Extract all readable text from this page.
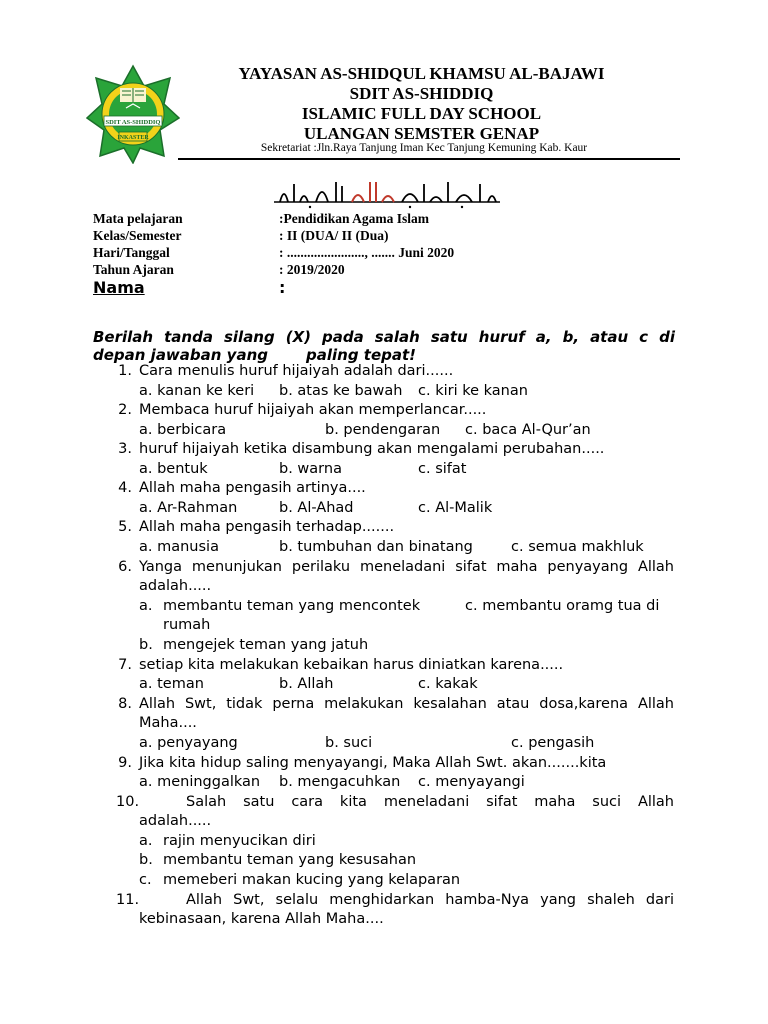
SDIT AS-SHIDDIQ
INKASTER
YAYASAN AS-SHIDQUL KHAMSU AL-BAJAWI
SDIT AS-SHIDDIQ
ISLAMIC FULL DAY SCHOOL
ULANGAN SEMSTER GENAP
Sekretariat :Jln.Raya Tanjung Iman Kec Tanjung Kemuning Kab. Kaur
Mata pelajaran	:Pendidikan Agama Islam
Kelas/Semester	: II (DUA/ II (Dua)
Hari/Tanggal	: ......................., ....... Juni 2020
Tahun Ajaran	: 2019/2020
Nama	:
Berilah tanda silang (X) pada salah satu huruf a, b, atau c di
depan jawaban yang	paling tepat!
1. Cara menulis huruf hijaiyah adalah dari......
a. kanan ke keri b. atas ke bawah c. kiri ke kanan
2. Membaca huruf hijaiyah akan memperlancar.....
a. berbicara	b. pendengaran c. baca Al-Qur’an
3. huruf hijaiyah ketika disambung akan mengalami perubahan.....
a. bentuk	b. warna	c. sifat
4. Allah maha pengasih artinya....
a. Ar-Rahman	b. Al-Ahad	c. Al-Malik
5. Allah maha pengasih terhadap.......
a. manusia	b. tumbuhan dan binatang	c. semua makhluk
6. Yanga menunjukan perilaku meneladani sifat maha penyayang Allah
adalah.....
a. membantu teman yang mencontek	c. membantu oramg tua di
rumah
b. mengejek teman yang jatuh
7. setiap kita melakukan kebaikan harus diniatkan karena.....
a. teman	b. Allah	c. kakak
8. Allah Swt, tidak perna melakukan kesalahan atau dosa,karena Allah
Maha....
a. penyayang	b. suci	c. pengasih
9. Jika kita hidup saling menyayangi, Maka Allah Swt. akan.......kita
a. meninggalkan b. mengacuhkan c. menyayangi
10.	Salah satu cara kita meneladani sifat maha suci Allah
adalah.....
a. rajin menyucikan diri
b. membantu teman yang kesusahan
c. memeberi makan kucing yang kelaparan
11.	Allah Swt, selalu menghidarkan hamba-Nya yang shaleh dari
kebinasaan, karena Allah Maha....
